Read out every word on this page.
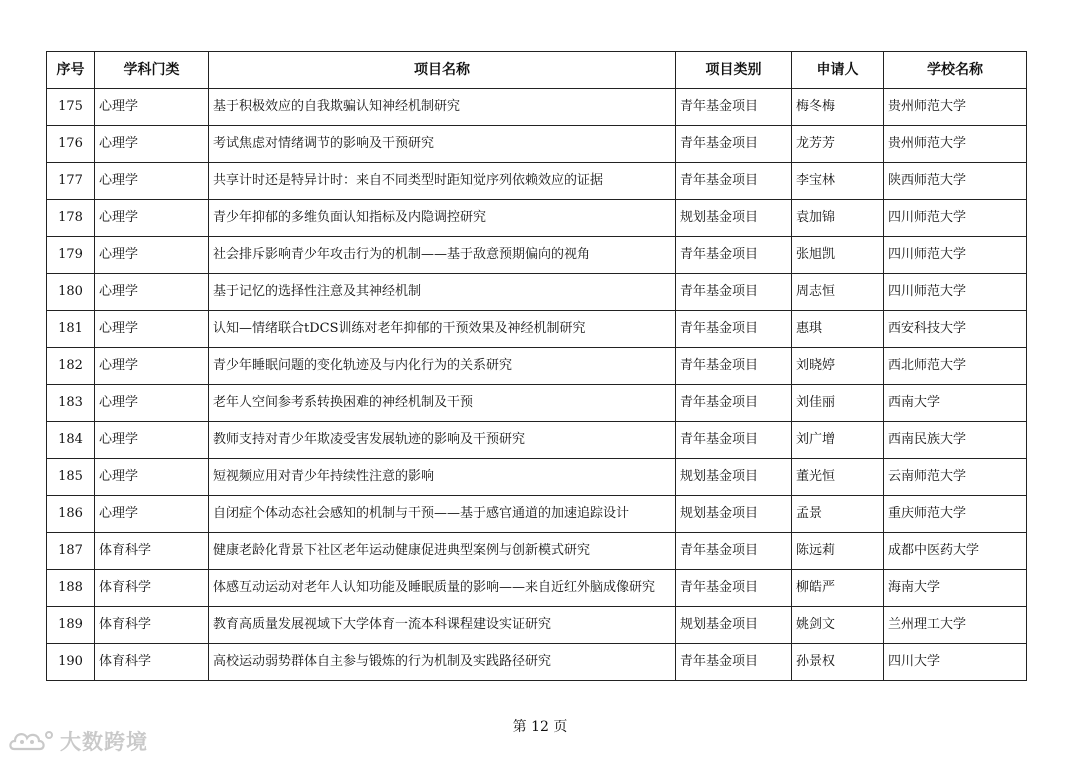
序号	学科门类	项目名称	项目类别	申请人	学校名称
175	心理学	基于积极效应的自我欺骗认知神经机制研究	青年基金项目	梅冬梅	贵州师范大学
176	心理学	考试焦虑对情绪调节的影响及干预研究	青年基金项目	龙芳芳	贵州师范大学
177	心理学	共享计时还是特异计时：来自不同类型时距知觉序列依赖效应的证据	青年基金项目	李宝林	陕西师范大学
178	心理学	青少年抑郁的多维负面认知指标及内隐调控研究	规划基金项目	袁加锦	四川师范大学
179	心理学	社会排斥影响青少年攻击行为的机制——基于敌意预期偏向的视角	青年基金项目	张旭凯	四川师范大学
180	心理学	基于记忆的选择性注意及其神经机制	青年基金项目	周志恒	四川师范大学
181	心理学	认知—情绪联合tDCS训练对老年抑郁的干预效果及神经机制研究	青年基金项目	惠琪	西安科技大学
182	心理学	青少年睡眠问题的变化轨迹及与内化行为的关系研究	青年基金项目	刘晓婷	西北师范大学
183	心理学	老年人空间参考系转换困难的神经机制及干预	青年基金项目	刘佳丽	西南大学
184	心理学	教师支持对青少年欺凌受害发展轨迹的影响及干预研究	青年基金项目	刘广增	西南民族大学
185	心理学	短视频应用对青少年持续性注意的影响	规划基金项目	董光恒	云南师范大学
186	心理学	自闭症个体动态社会感知的机制与干预——基于感官通道的加速追踪设计	规划基金项目	孟景	重庆师范大学
187	体育科学	健康老龄化背景下社区老年运动健康促进典型案例与创新模式研究	青年基金项目	陈远莉	成都中医药大学
188	体育科学	体感互动运动对老年人认知功能及睡眠质量的影响——来自近红外脑成像研究	青年基金项目	柳皓严	海南大学
189	体育科学	教育高质量发展视域下大学体育一流本科课程建设实证研究	规划基金项目	姚剑文	兰州理工大学
190	体育科学	高校运动弱势群体自主参与锻炼的行为机制及实践路径研究	青年基金项目	孙景权	四川大学
第 12 页
大数跨境
